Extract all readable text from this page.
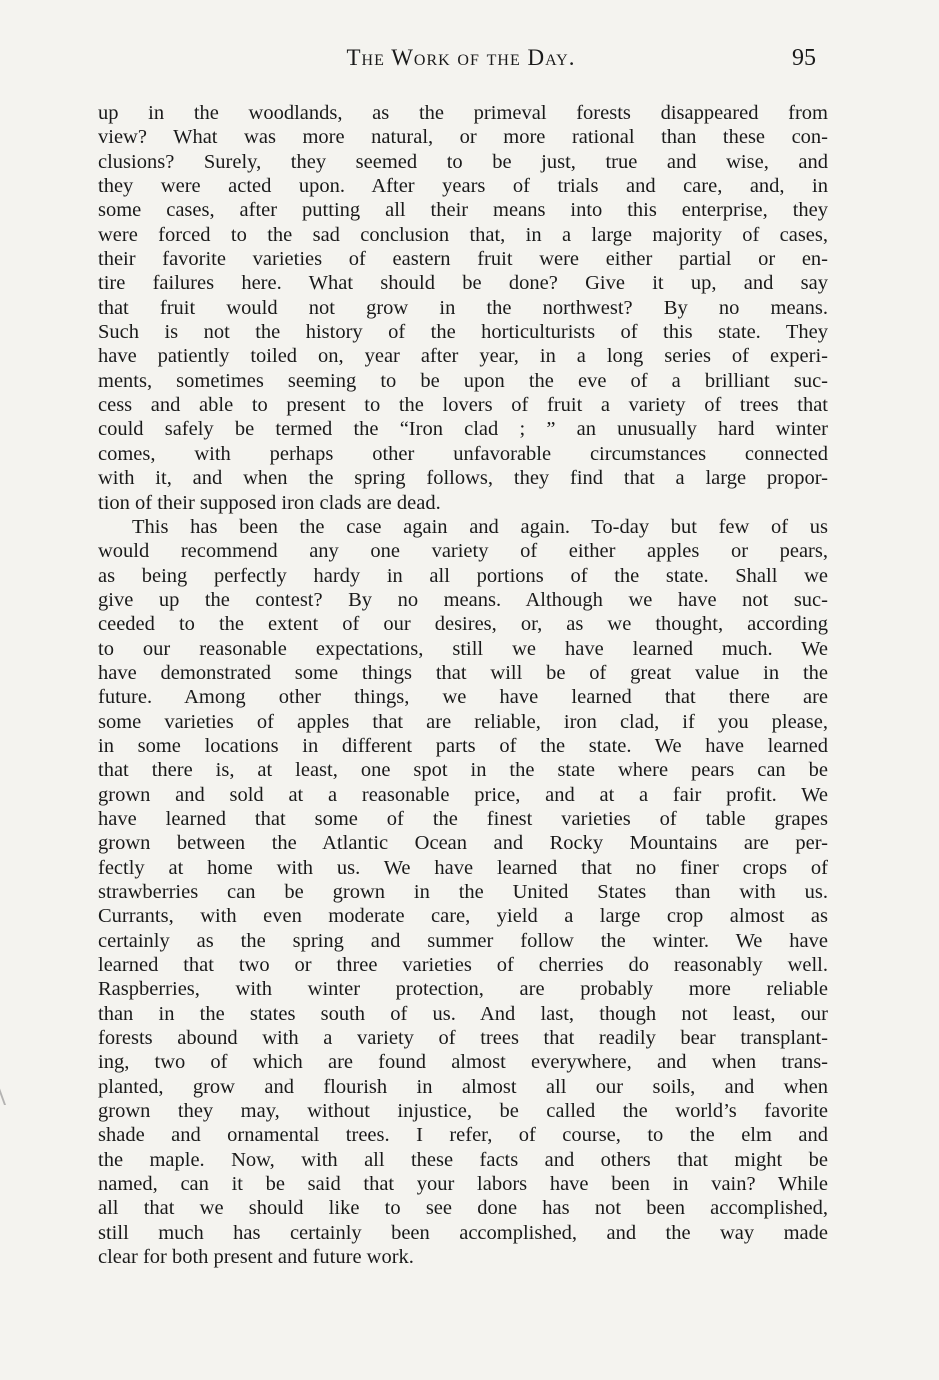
The Work of the Day.	95
up in the woodlands, as the primeval forests disappeared from
view? What was more natural, or more rational than these con-
clusions? Surely, they seemed to be just, true and wise, and
they were acted upon. After years of trials and care, and, in
some cases, after putting all their means into this enterprise, they
were forced to the sad conclusion that, in a large majority of cases,
their favorite varieties of eastern fruit were either partial or en-
tire failures here. What should be done? Give it up, and say
that fruit would not grow in the northwest? By no means.
Such is not the history of the horticulturists of this state. They
have patiently toiled on, year after year, in a long series of experi-
ments, sometimes seeming to be upon the eve of a brilliant suc-
cess and able to present to the lovers of fruit a variety of trees that
could safely be termed the “Iron clad ; ” an unusually hard winter
comes, with perhaps other unfavorable circumstances connected
with it, and when the spring follows, they find that a large propor-
tion of their supposed iron clads are dead.
This has been the case again and again. To-day but few of us
would recommend any one variety of either apples or pears,
as being perfectly hardy in all portions of the state. Shall we
give up the contest? By no means. Although we have not suc-
ceeded to the extent of our desires, or, as we thought, according
to our reasonable expectations, still we have learned much. We
have demonstrated some things that will be of great value in the
future. Among other things, we have learned that there are
some varieties of apples that are reliable, iron clad, if you please,
in some locations in different parts of the state. We have learned
that there is, at least, one spot in the state where pears can be
grown and sold at a reasonable price, and at a fair profit. We
have learned that some of the finest varieties of table grapes
grown between the Atlantic Ocean and Rocky Mountains are per-
fectly at home with us. We have learned that no finer crops of
strawberries can be grown in the United States than with us.
Currants, with even moderate care, yield a large crop almost as
certainly as the spring and summer follow the winter. We have
learned that two or three varieties of cherries do reasonably well.
Raspberries, with winter protection, are probably more reliable
than in the states south of us. And last, though not least, our
forests abound with a variety of trees that readily bear transplant-
ing, two of which are found almost everywhere, and when trans-
planted, grow and flourish in almost all our soils, and when
grown they may, without injustice, be called the world’s favorite
shade and ornamental trees. I refer, of course, to the elm and
the maple. Now, with all these facts and others that might be
named, can it be said that your labors have been in vain? While
all that we should like to see done has not been accomplished,
still much has certainly been accomplished, and the way made
clear for both present and future work.
